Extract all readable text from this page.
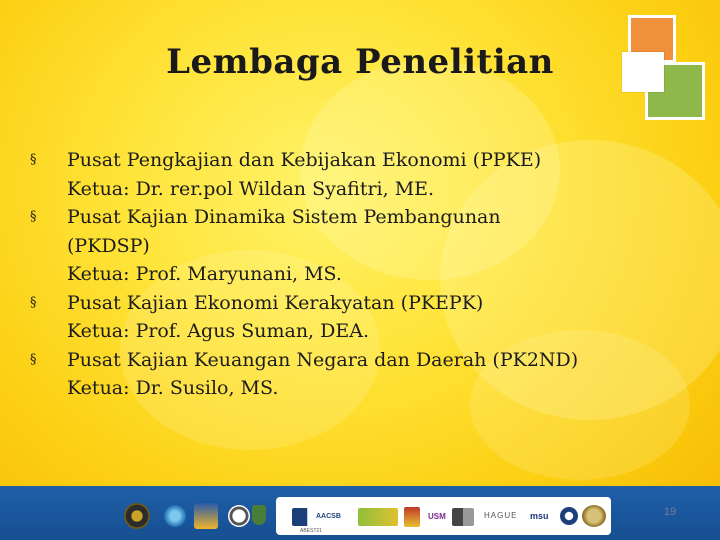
Lembaga Penelitian
§ Pusat Pengkajian dan Kebijakan Ekonomi (PPKE)
Ketua: Dr. rer.pol Wildan Syafitri, ME.
§ Pusat Kajian Dinamika Sistem Pembangunan
(PKDSP)
Ketua: Prof. Maryunani, MS.
§ Pusat Kajian Ekonomi Kerakyatan (PKEPK)
Ketua: Prof. Agus Suman, DEA.
§ Pusat Kajian Keuangan Negara dan Daerah (PK2ND)
Ketua: Dr. Susilo, MS.
AACSB	USM	HAGUE msu
ABEST21
19
